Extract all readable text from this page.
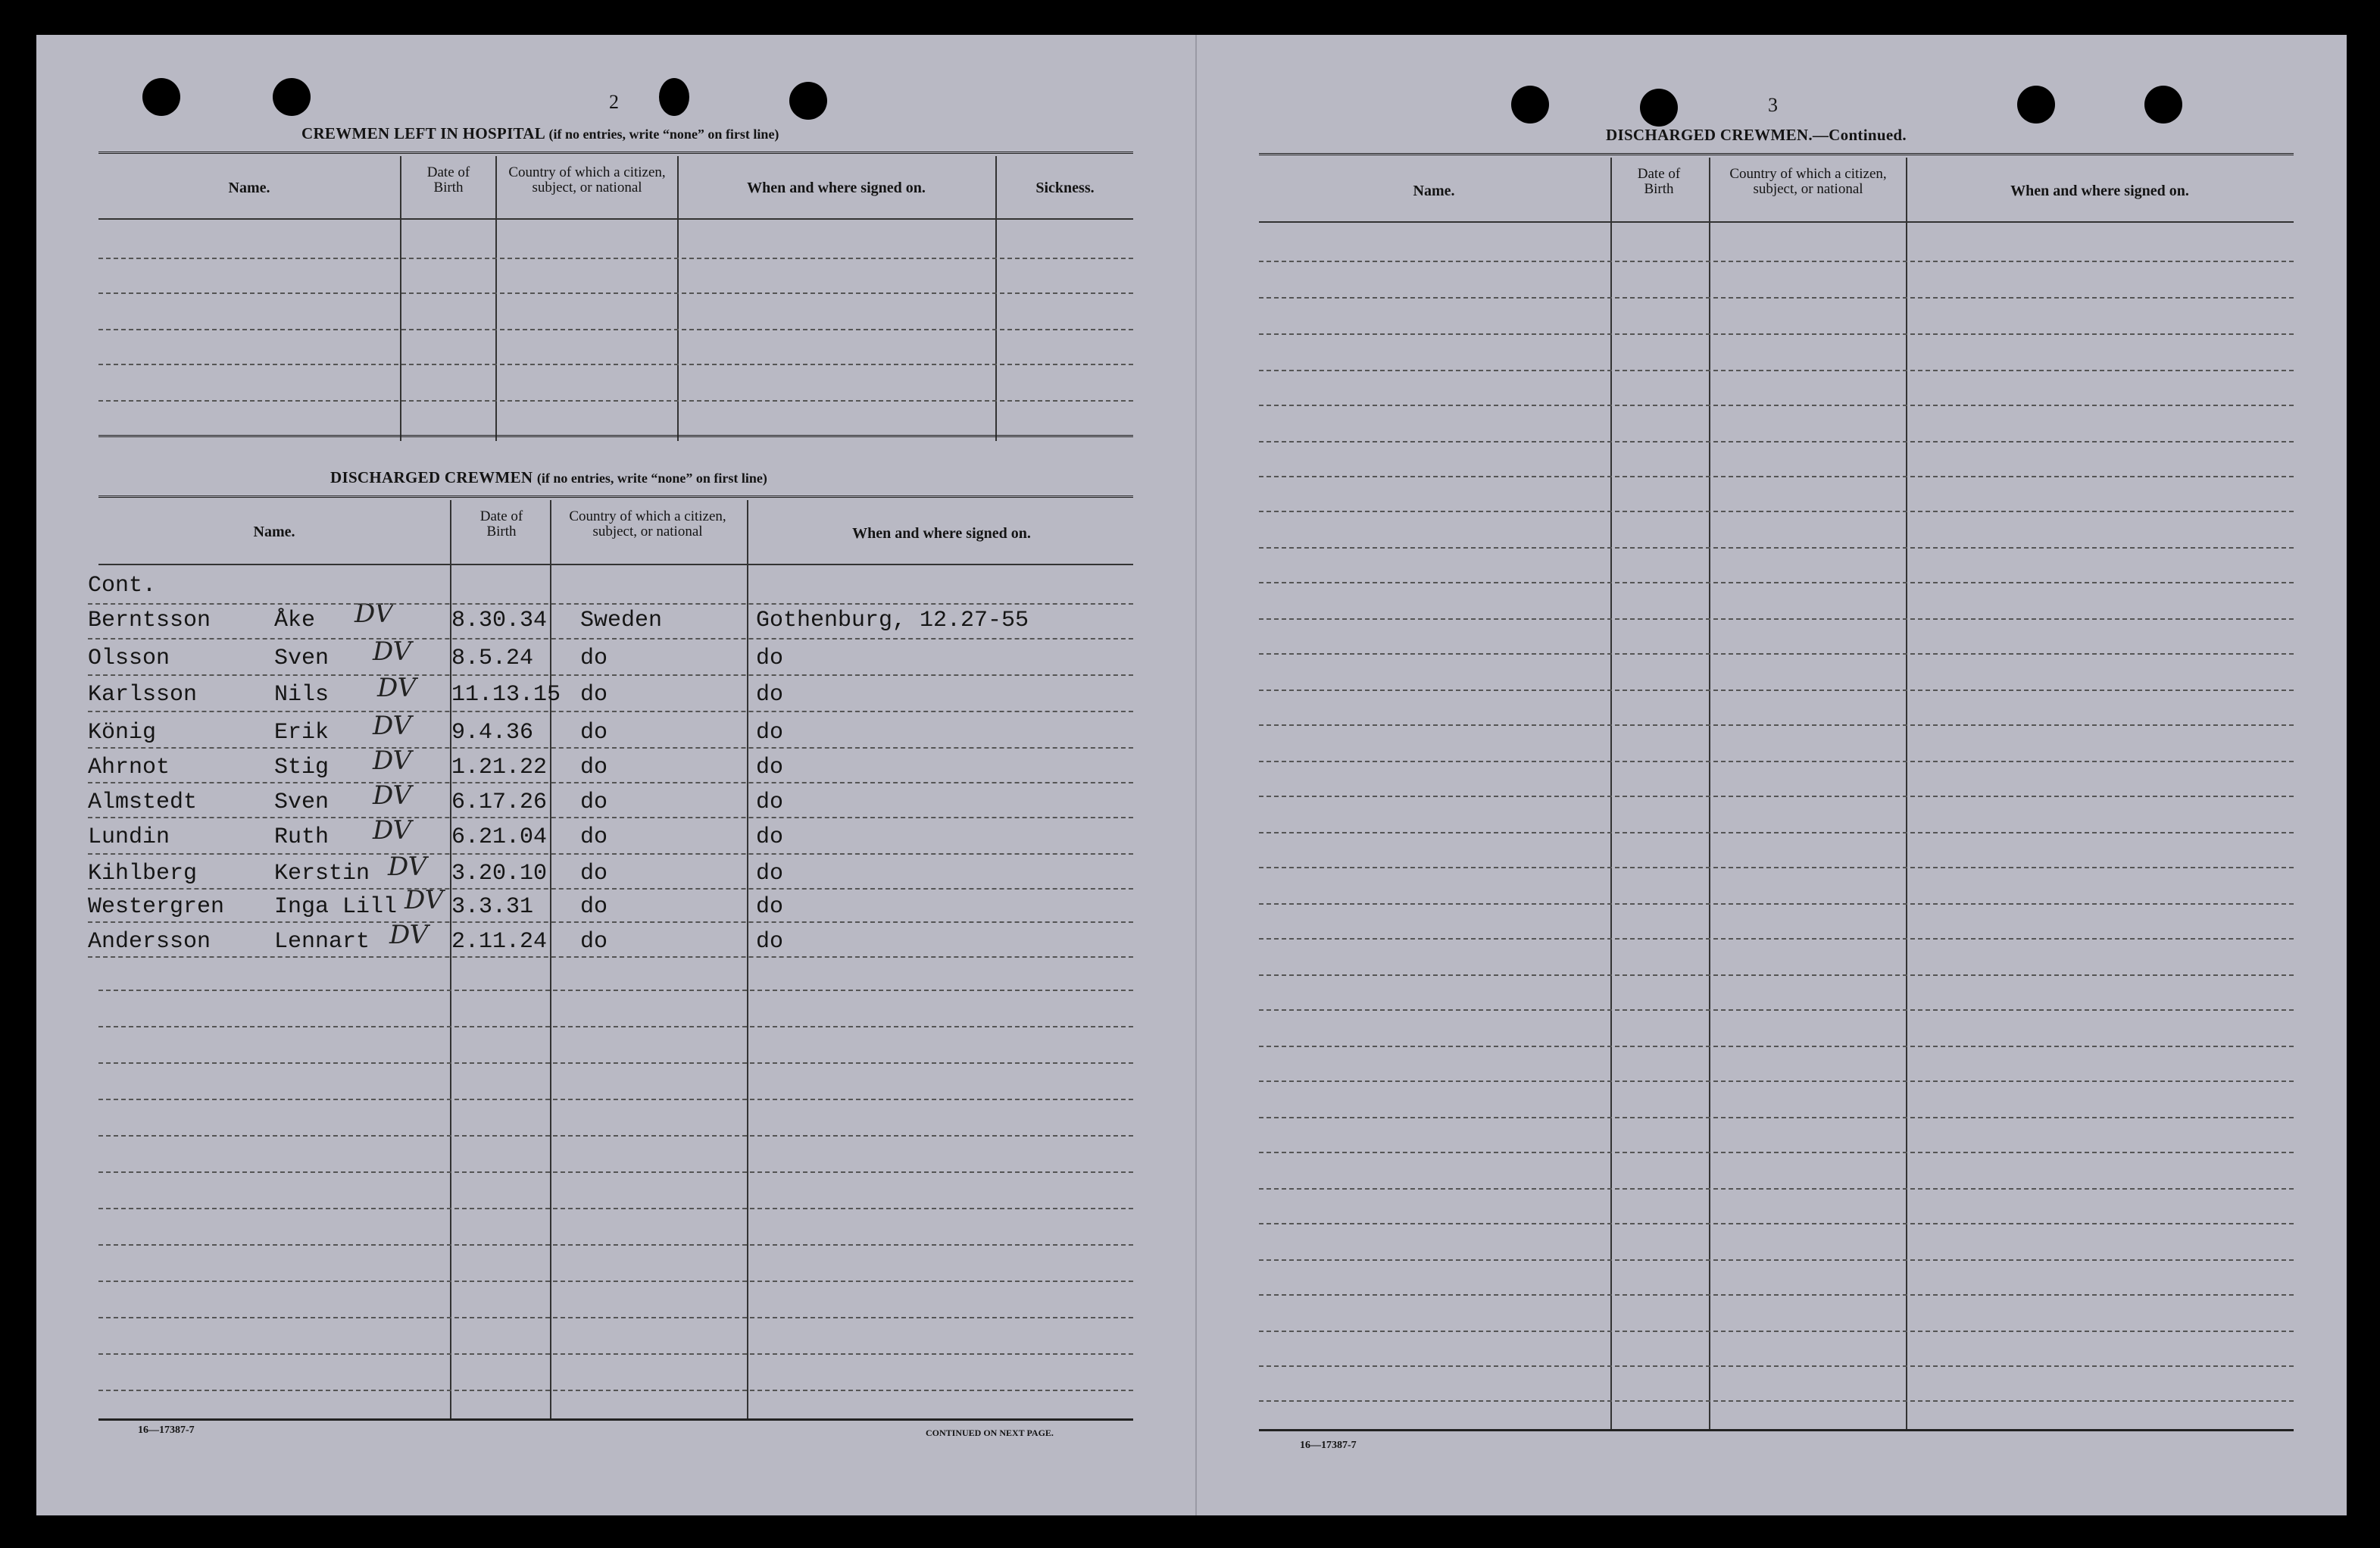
2
CREWMEN LEFT IN HOSPITAL (if no entries, write “none” on first line)
Name.
Date of Birth
Country of which a citizen, subject, or national	When and where signed on.	Sickness.
DISCHARGED CREWMEN (if no entries, write “none” on first line)
Name.
Date of Birth
Country of which a citizen, subject, or national	When and where signed on.
Cont.
Berntsson	Åke DV	8.30.34 Sweden	Gothenburg, 12.27-55
Olsson	Sven DV 8.5.24 do	do
Karlsson	Nils DV 11.13.15 do	do
König	Erik DV 9.4.36 do	do
Ahrnot	Stig DV 1.21.22 do	do
Almstedt	Sven DV 6.17.26 do	do
Lundin	Ruth DV 6.21.04 do	do
Kihlberg	Kerstin DV 3.20.10 do	do
Westergren Inga Lill DV 3.3.31 do	do
Andersson	Lennart DV 2.11.24 do	do
16—17387-7	CONTINUED ON NEXT PAGE.
3
DISCHARGED CREWMEN.—Continued.
Name.
Date of Birth
Country of which a citizen, subject, or national	When and where signed on.
16—17387-7
